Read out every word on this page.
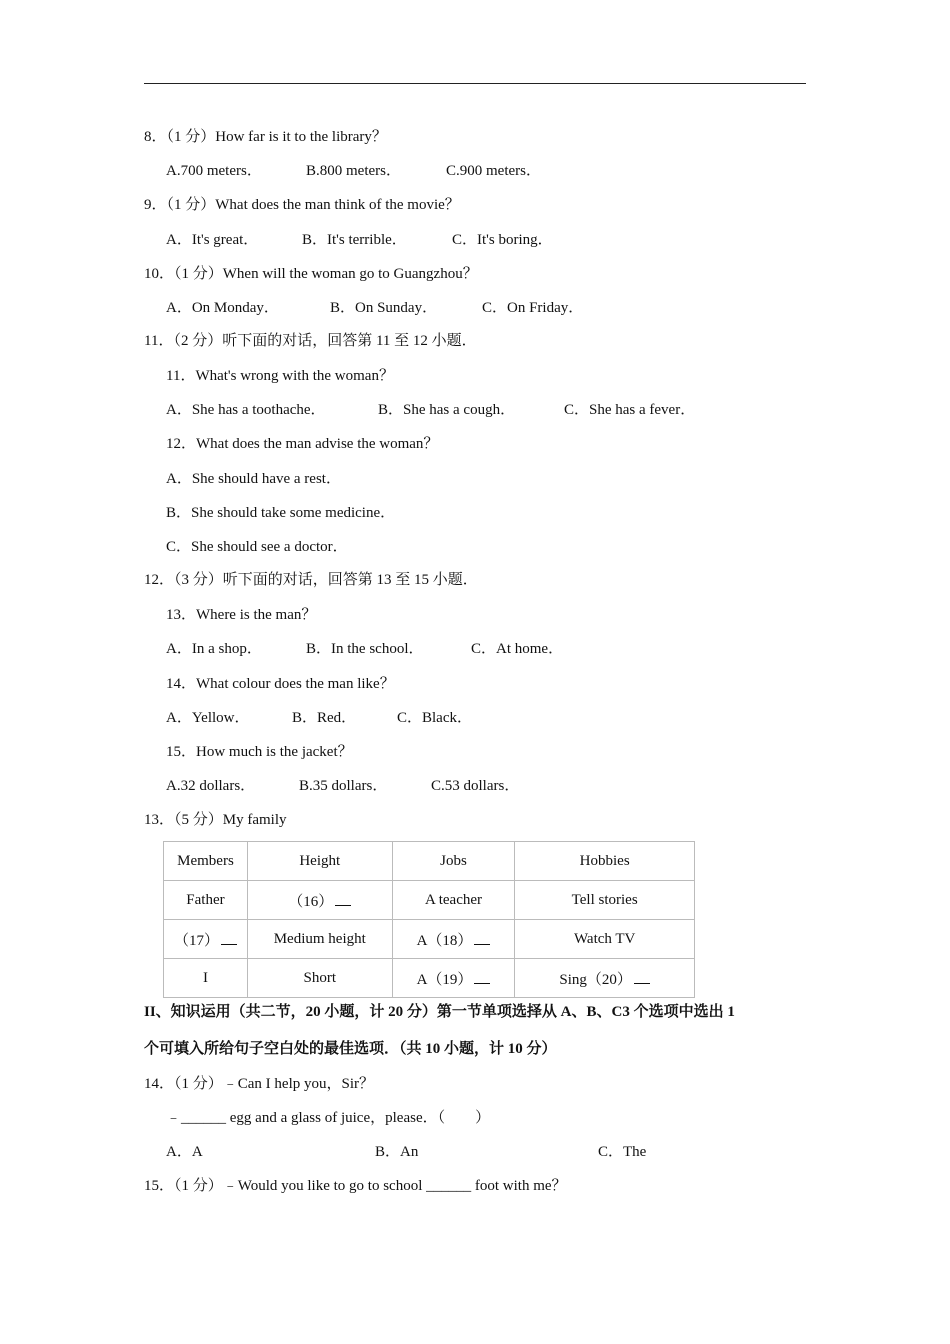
8．（1 分）How far is it to the library？
A.700 meters．	B.800 meters．	C.900 meters．
9．（1 分）What does the man think of the movie？
A．It's great．	B．It's terrible．	C．It's boring．
10．（1 分）When will the woman go to Guangzhou？
A．On Monday．	B．On Sunday．	C．On Friday．
11．（2 分）听下面的对话，回答第 11 至 12 小题．
11．What's wrong with the woman？
A．She has a toothache．	B．She has a cough．	C．She has a fever．
12．What does the man advise the woman？
A．She should have a rest．
B．She should take some medicine．
C．She should see a doctor．
12．（3 分）听下面的对话，回答第 13 至 15 小题．
13．Where is the man？
A．In a shop．	B．In the school．	C．At home．
14．What colour does the man like？
A．Yellow．	B．Red．	C．Black．
15．How much is the jacket？
A.32 dollars．	B.35 dollars．	C.53 dollars．
13．（5 分）My family
Members	Height	Jobs	Hobbies
Father	（16）	A teacher	Tell stories
（17）	Medium height	A（18）	Watch TV
I	Short	A（19）	Sing（20）
II、知识运用（共二节，20 小题，计 20 分）第一节单项选择从 A、B、C3 个选项中选出 1
个可填入所给句子空白处的最佳选项．（共 10 小题，计 10 分）
14．（1 分）﹣Can I help you，Sir？
﹣______ egg and a glass of juice，please．（　　）
A．A	B．An	C．The
15．（1 分）﹣Would you like to go to school ______ foot with me？
